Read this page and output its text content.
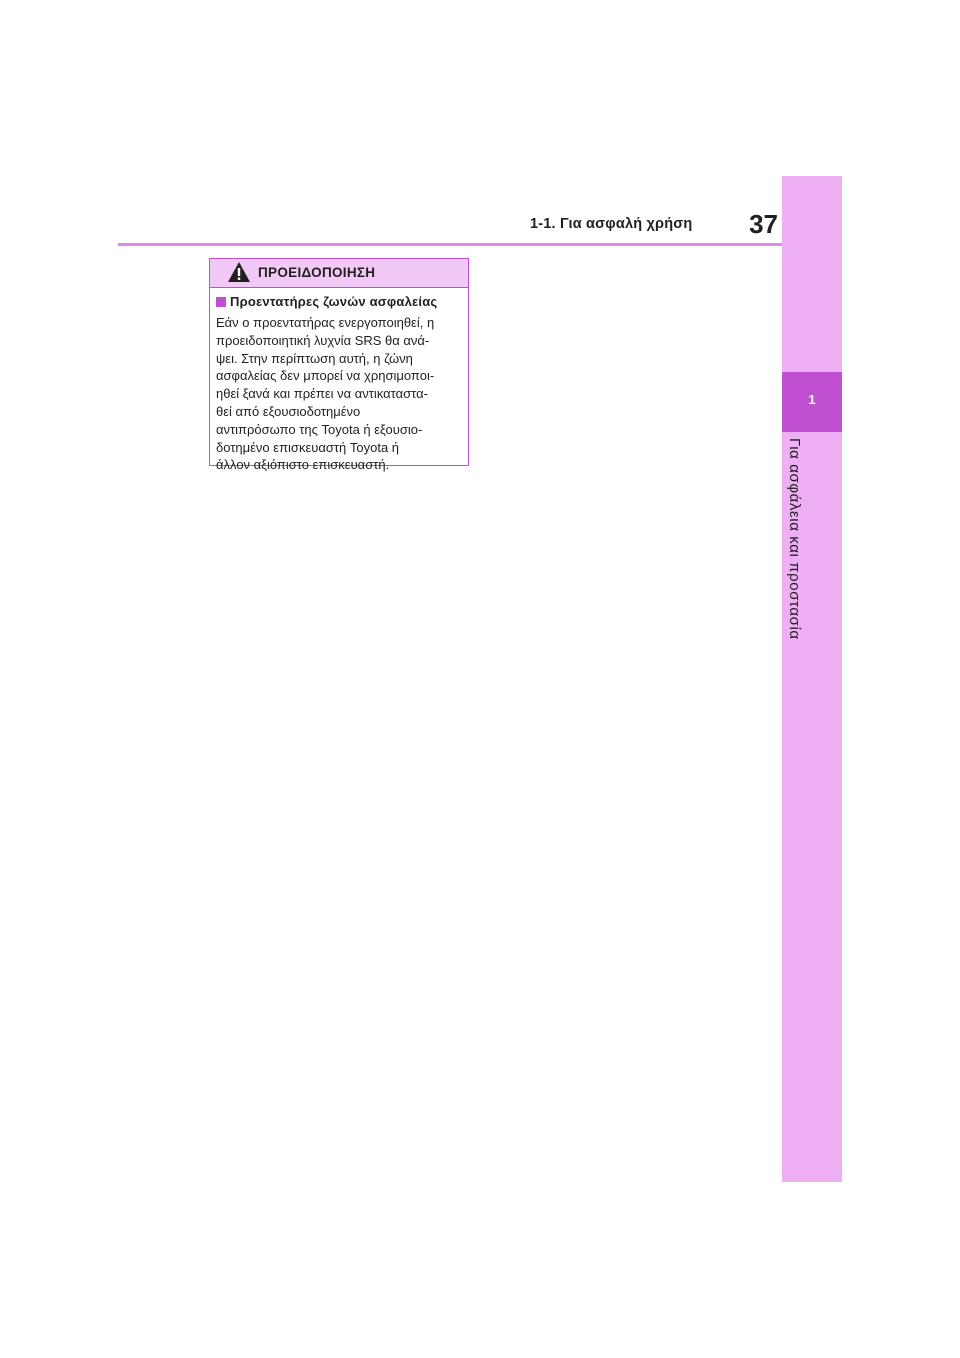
1-1. Για ασφαλή χρήση 37
1
Για ασφάλεια και προστασία
ΠΡΟΕΙΔΟΠΟΙΗΣΗ
Προεντατήρες ζωνών ασφαλείας
Εάν ο προεντατήρας ενεργοποιηθεί, η
προειδοποιητική λυχνία SRS θα ανά-
ψει. Στην περίπτωση αυτή, η ζώνη
ασφαλείας δεν μπορεί να χρησιμοποι-
ηθεί ξανά και πρέπει να αντικαταστα-
θεί από εξουσιοδοτημένο
αντιπρόσωπο της Toyota ή εξουσιο-
δοτημένο επισκευαστή Toyota ή
άλλον αξιόπιστο επισκευαστή.
